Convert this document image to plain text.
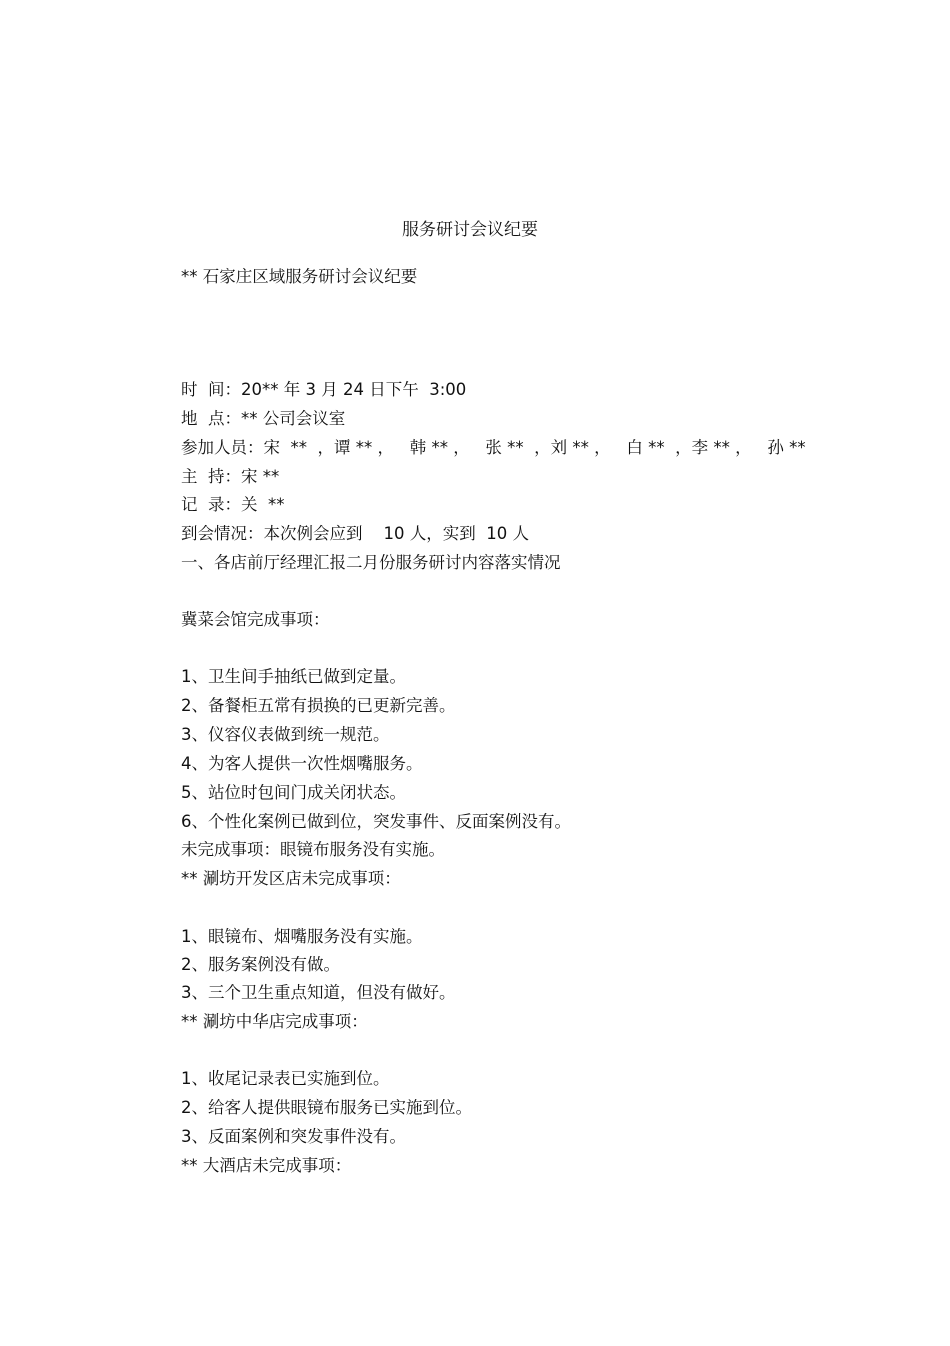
服务研讨会议纪要
** 石家庄区域服务研讨会议纪要
时  间：20** 年 3 月 24 日下午  3:00
地  点：** 公司会议室
参加人员：宋  **  ，谭 ** ，   韩 ** ，   张 **  ，刘 ** ，   白 **  ，李 ** ，   孙 **
主  持：宋 **
记  录：关  **
到会情况：本次例会应到    10 人，实到  10 人
一、各店前厅经理汇报二月份服务研讨内容落实情况
冀菜会馆完成事项：
1、卫生间手抽纸已做到定量。
2、备餐柜五常有损换的已更新完善。
3、仪容仪表做到统一规范。
4、为客人提供一次性烟嘴服务。
5、站位时包间门成关闭状态。
6、个性化案例已做到位，突发事件、反面案例没有。
未完成事项：眼镜布服务没有实施。
** 涮坊开发区店未完成事项：
1、眼镜布、烟嘴服务没有实施。
2、服务案例没有做。
3、三个卫生重点知道，但没有做好。
** 涮坊中华店完成事项：
1、收尾记录表已实施到位。
2、给客人提供眼镜布服务已实施到位。
3、反面案例和突发事件没有。
** 大酒店未完成事项：
